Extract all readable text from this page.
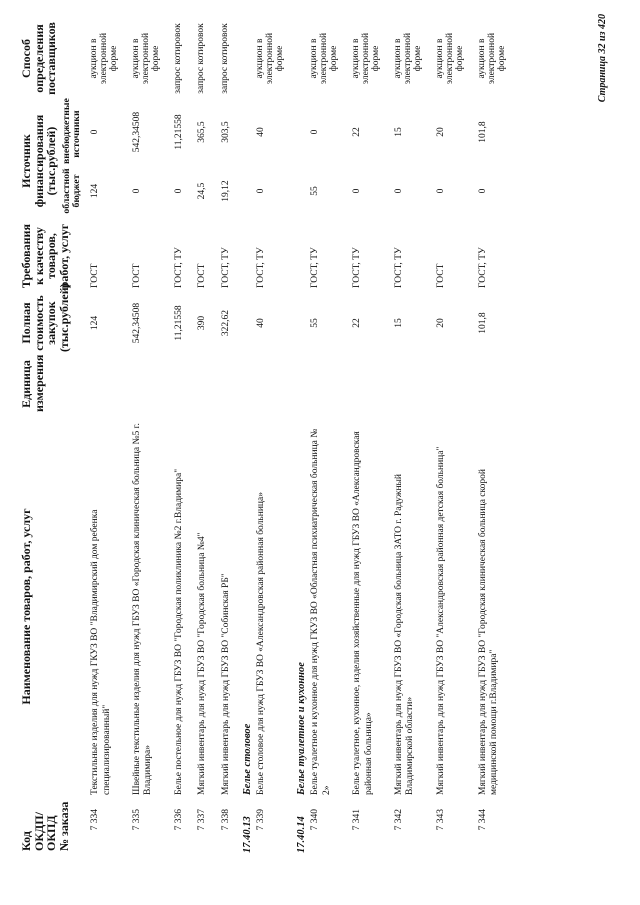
Код ОКДП/ ОКПД № заказа
Наименование товаров, работ, услуг
Единица измерения
Полная стоимость закупок (тыс.рублей)
Требования к качеству товаров, работ, услуг
Источник финансирования (тыс.рублей) областной бюджет
внебюджетные источники
Способ определения поставщиков
7 334
Текстильные изделия для нужд ГКУЗ ВО "Владимирский дом ребенка специализированный"
124
ГОСТ
124
0
аукцион в электронной форме
7 335
Швейные текстильные изделия для нужд ГБУЗ ВО «Городская клиническая больница №5 г. Владимира»
542,34508
ГОСТ
0
542,34508
аукцион в электронной форме
7 336
Белье постельное для нужд ГБУЗ ВО "Городская поликлиника №2 г.Владимира"
11,21558
ГОСТ, ТУ
0
11,21558
запрос котировок
7 337
Мягкий инвентарь для нужд ГБУЗ ВО "Городская больница №4"
390
ГОСТ
24,5
365,5
запрос котировок
7 338
Мягкий инвентарь для нужд ГБУЗ ВО "Собинская РБ"
322,62
ГОСТ, ТУ
19,12
303,5
запрос котировок
17.40.13
Белье столовое
7 339
Белье столовое для нужд ГБУЗ ВО «Александровская районная больница»
40
ГОСТ, ТУ
0
40
аукцион в электронной форме
17.40.14
Белье туалетное и кухонное
7 340
Белье туалетное и кухонное для нужд ГКУЗ ВО «Областная психиатрическая больница № 2»
55
ГОСТ, ТУ
55
0
аукцион в электронной форме
7 341
Белье туалетное, кухонное, изделия хозяйственные для нужд ГБУЗ ВО «Александровская районная больница»
22
ГОСТ, ТУ
0
22
аукцион в электронной форме
7 342
Мягкий инвентарь для нужд ГБУЗ ВО «Городская больница ЗАТО г. Радужный Владимирской области»
15
ГОСТ, ТУ
0
15
аукцион в электронной форме
7 343
Мягкий инвентарь для нужд ГБУЗ ВО "Александровская районная детская больница"
20
ГОСТ
0
20
аукцион в электронной форме
7 344
Мягкий инвентарь для нужд ГБУЗ ВО "Городская клиническая больница скорой медицинской помощи г.Владимира"
101,8
ГОСТ, ТУ
0
101,8
аукцион в электронной форме	Страница 32 из 420
